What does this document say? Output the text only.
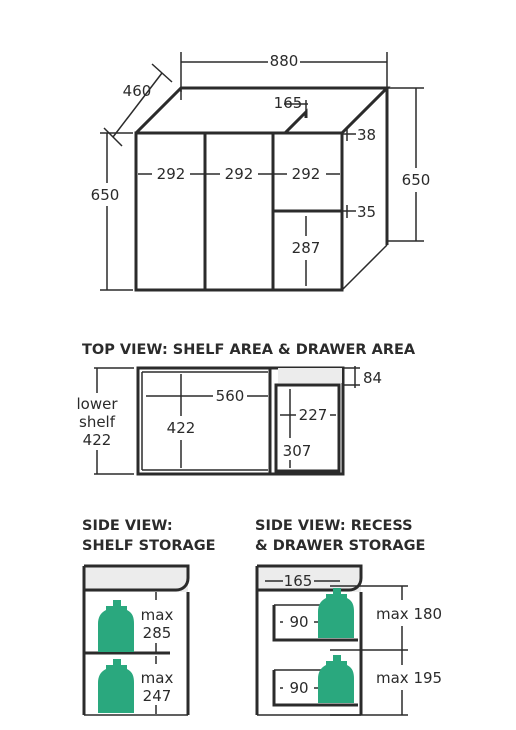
880
460
165
292	292	292
38
35
287
650
650
TOP VIEW: SHELF AREA & DRAWER AREA
560
422
lower
shelf
422
84
227
307
SIDE VIEW:
SHELF STORAGE
max
285
max
247
SIDE VIEW: RECESS
& DRAWER STORAGE
165
90
90
max 180
max 195
